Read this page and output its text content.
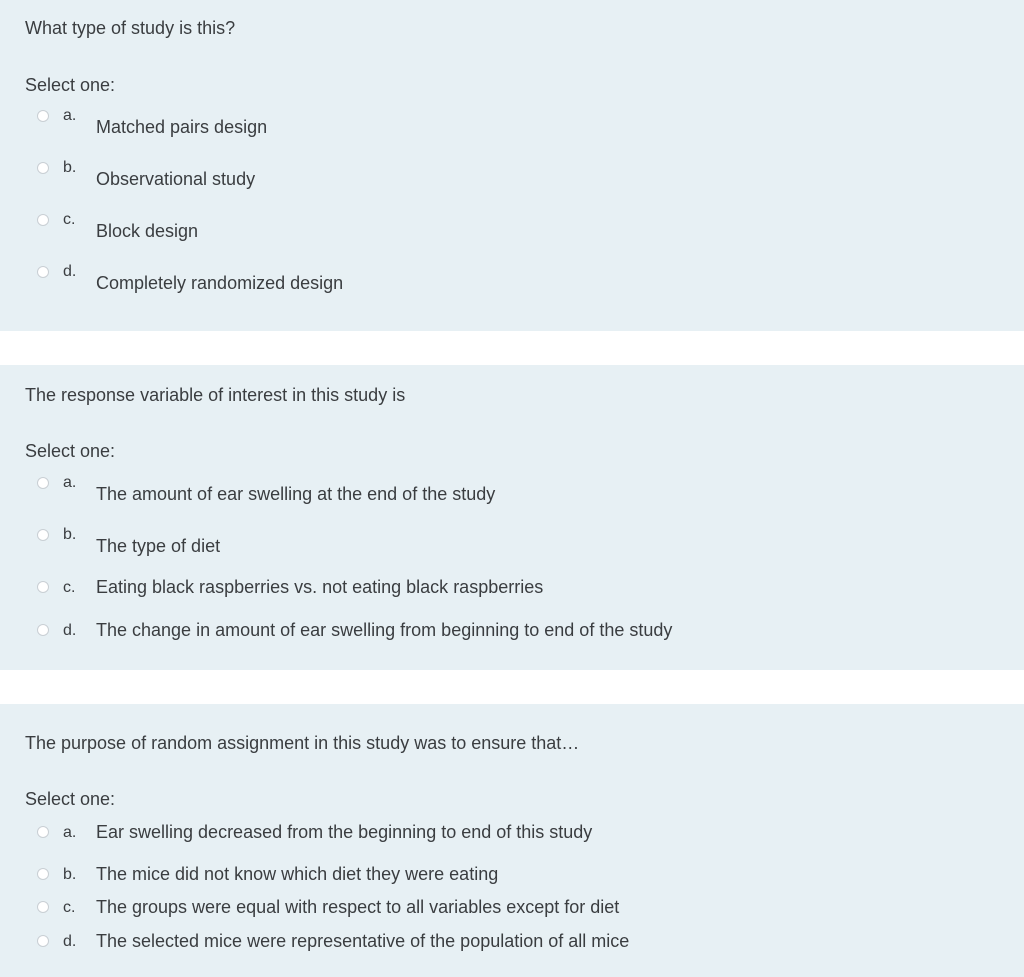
What type of study is this?
Select one:
a.
Matched pairs design
b.
Observational study
c.
Block design
d.
Completely randomized design
The response variable of interest in this study is
Select one:
a.
The amount of ear swelling at the end of the study
b.
The type of diet
c. Eating black raspberries vs. not eating black raspberries
d. The change in amount of ear swelling from beginning to end of the study
The purpose of random assignment in this study was to ensure that…
Select one:
a. Ear swelling decreased from the beginning to end of this study
b. The mice did not know which diet they were eating
c. The groups were equal with respect to all variables except for diet
d. The selected mice were representative of the population of all mice
